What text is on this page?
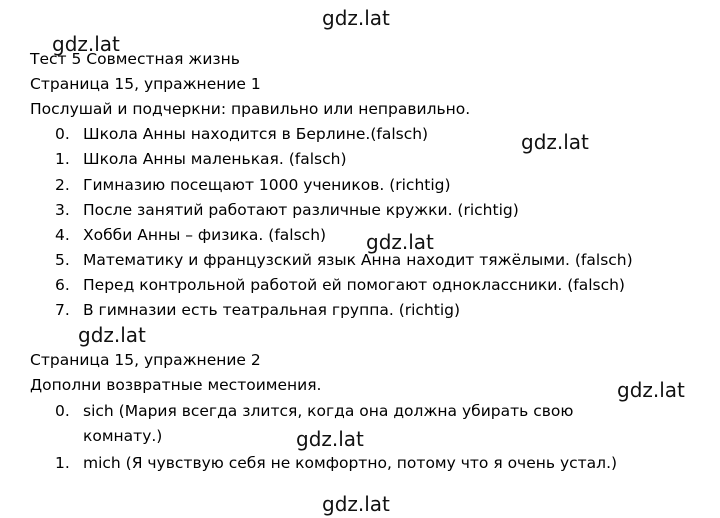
gdz.lat
gdz.lat
gdz.lat
gdz.lat
gdz.lat
gdz.lat
gdz.lat
gdz.lat
Тест 5 Совместная жизнь
Страница 15, упражнение 1
Послушай и подчеркни: правильно или неправильно.
0. Школа Анны находится в Берлине.(falsch)
1. Школа Анны маленькая. (falsch)
2. Гимназию посещают 1000 учеников. (richtig)
3. После занятий работают различные кружки. (richtig)
4. Хобби Анны – физика. (falsch)
5. Математику и французский язык Анна находит тяжёлыми. (falsch)
6. Перед контрольной работой ей помогают одноклассники. (falsch)
7. В гимназии есть театральная группа. (richtig)
Страница 15, упражнение 2
Дополни возвратные местоимения.
0. sich (Мария всегда злится, когда она должна убирать свою
комнату.)
1. mich (Я чувствую себя не комфортно, потому что я очень устал.)
